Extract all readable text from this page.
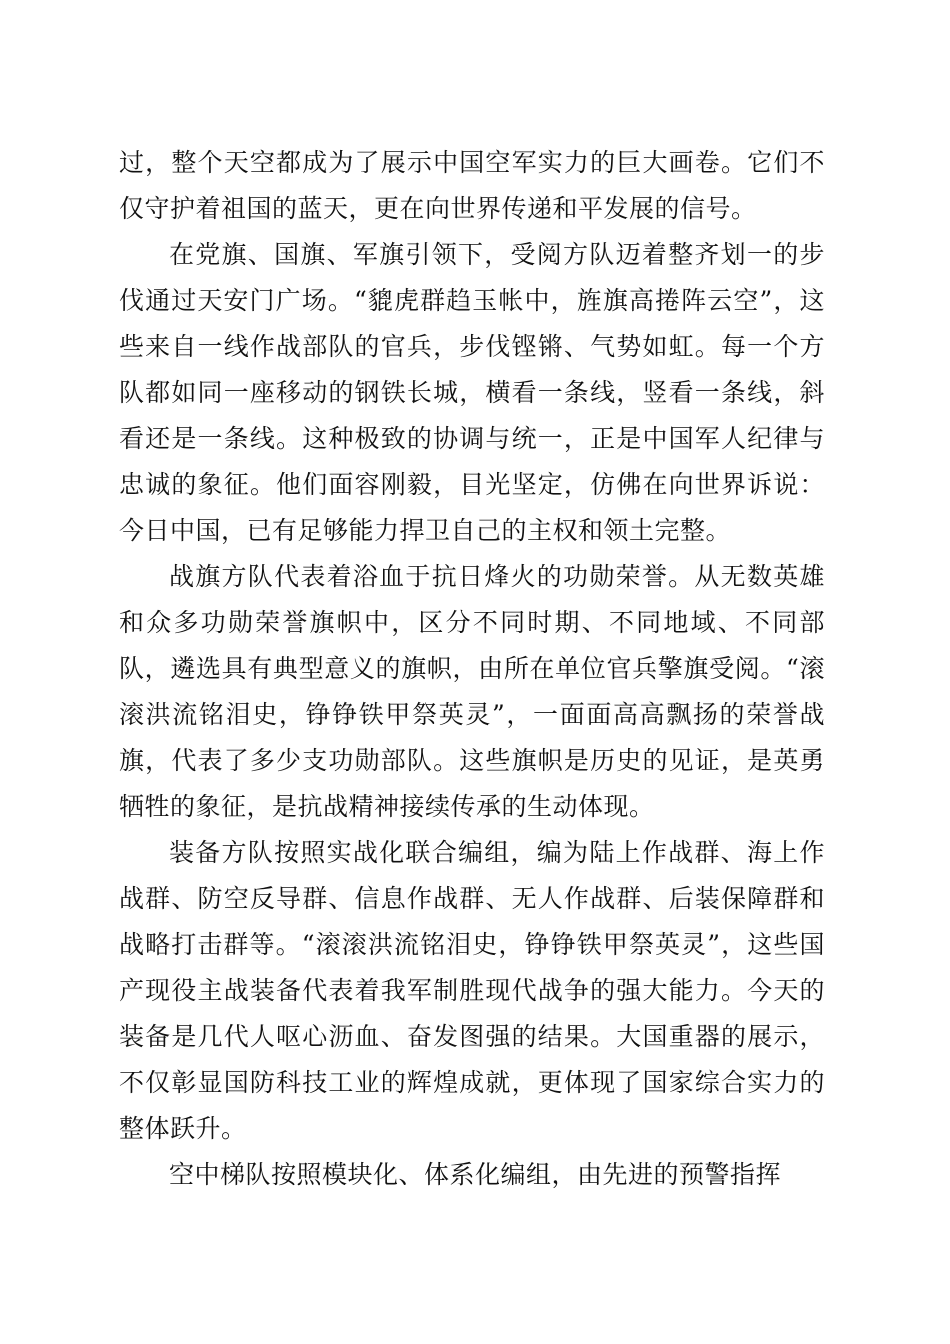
过，整个天空都成为了展示中国空军实力的巨大画卷。它们不仅守护着祖国的蓝天，更在向世界传递和平发展的信号。

在党旗、国旗、军旗引领下，受阅方队迈着整齐划一的步伐通过天安门广场。“貔虎群趋玉帐中，旌旗高捲阵云空”，这些来自一线作战部队的官兵，步伐铿锵、气势如虹。每一个方队都如同一座移动的钢铁长城，横看一条线，竖看一条线，斜看还是一条线。这种极致的协调与统一，正是中国军人纪律与忠诚的象征。他们面容刚毅，目光坚定，仿佛在向世界诉说：今日中国，已有足够能力捍卫自己的主权和领土完整。

战旗方队代表着浴血于抗日烽火的功勋荣誉。从无数英雄和众多功勋荣誉旗帜中，区分不同时期、不同地域、不同部队，遴选具有典型意义的旗帜，由所在单位官兵擎旗受阅。“滚滚洪流铭泪史，铮铮铁甲祭英灵”，一面面高高飘扬的荣誉战旗，代表了多少支功勋部队。这些旗帜是历史的见证，是英勇牺牲的象征，是抗战精神接续传承的生动体现。

装备方队按照实战化联合编组，编为陆上作战群、海上作战群、防空反导群、信息作战群、无人作战群、后装保障群和战略打击群等。“滚滚洪流铭泪史，铮铮铁甲祭英灵”，这些国产现役主战装备代表着我军制胜现代战争的强大能力。今天的装备是几代人呕心沥血、奋发图强的结果。大国重器的展示，不仅彰显国防科技工业的辉煌成就，更体现了国家综合实力的整体跃升。

空中梯队按照模块化、体系化编组，由先进的预警指挥
